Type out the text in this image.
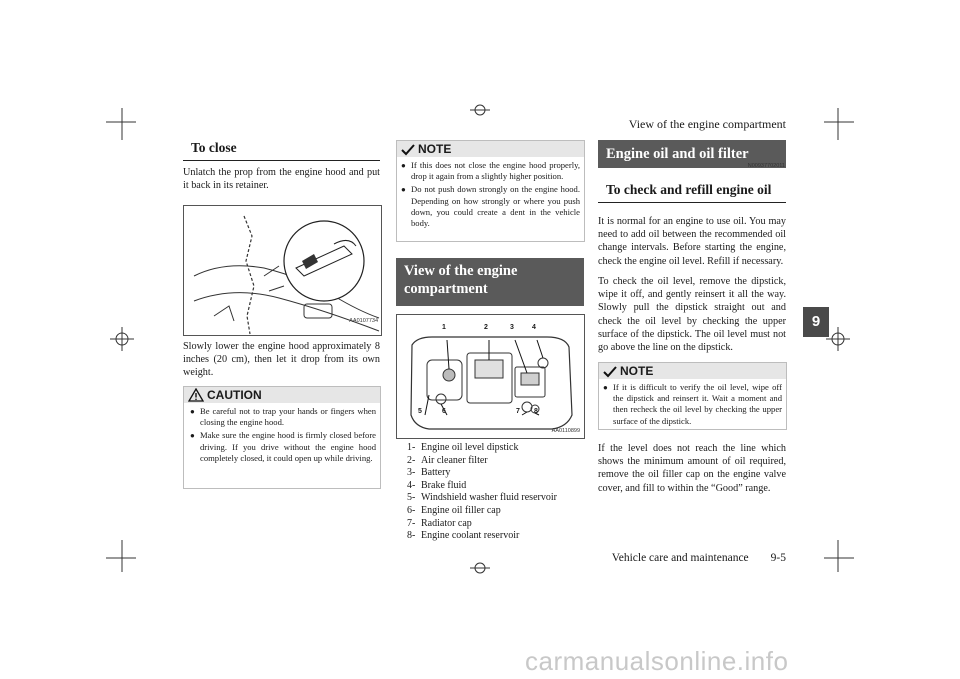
View of the engine compartment
9
To close
Unlatch the prop from the engine hood and put it back in its retainer.
AA0107734
Slowly lower the engine hood approximately 8 inches (20 cm), then let it drop from its own weight.
CAUTION
● Be careful not to trap your hands or fingers when closing the engine hood.
● Make sure the engine hood is firmly closed before driving. If you drive without the engine hood completely closed, it could open up while driving.
NOTE
● If this does not close the engine hood properly, drop it again from a slightly higher position.
● Do not push down strongly on the engine hood. Depending on how strongly or where you push down, you could create a dent in the vehicle body.
View of the engine compartment
AA0110899
1	2	3	4
5	6	7 8
1- Engine oil level dipstick
2- Air cleaner filter
3- Battery
4- Brake fluid
5- Windshield washer fluid reservoir
6- Engine oil filler cap
7- Radiator cap
8- Engine coolant reservoir
Engine oil and oil filter
N00937702011
To check and refill engine oil
It is normal for an engine to use oil. You may need to add oil between the recommended oil change intervals. Before starting the engine, check the engine oil level. Refill if necessary.
To check the oil level, remove the dipstick, wipe it off, and gently reinsert it all the way. Slowly pull the dipstick straight out and check the oil level by checking the upper surface of the dipstick. The oil level must not go above the line on the dipstick.
NOTE
● If it is difficult to verify the oil level, wipe off the dipstick and reinsert it. Wait a moment and then recheck the oil level by checking the upper surface of the dipstick.
If the level does not reach the line which shows the minimum amount of oil required, remove the oil filler cap on the engine valve cover, and fill to within the “Good” range.
Vehicle care and maintenance 9-5
carmanualsonline.info
